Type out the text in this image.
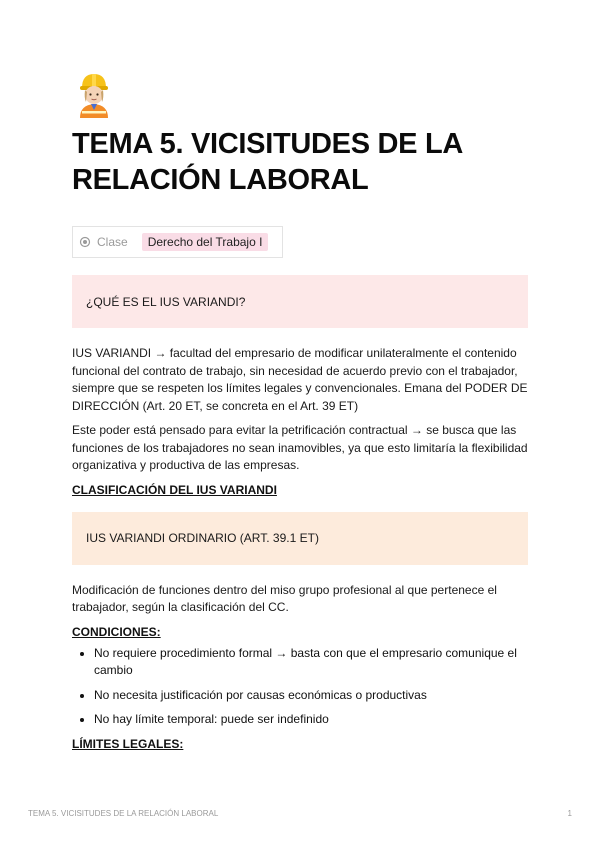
TEMA 5. VICISITUDES DE LA RELACIÓN LABORAL
Clase	Derecho del Trabajo I
¿QUÉ ES EL IUS VARIANDI?

IUS VARIANDI → facultad del empresario de modificar unilateralmente el contenido funcional del contrato de trabajo, sin necesidad de acuerdo previo con el trabajador, siempre que se respeten los límites legales y convencionales. Emana del PODER DE DIRECCIÓN (Art. 20 ET, se concreta en el Art. 39 ET)

Este poder está pensado para evitar la petrificación contractual → se busca que las funciones de los trabajadores no sean inamovibles, ya que esto limitaría la flexibilidad organizativa y productiva de las empresas.

CLASIFICACIÓN DEL IUS VARIANDI
IUS VARIANDI ORDINARIO (ART. 39.1 ET)

Modificación de funciones dentro del miso grupo profesional al que pertenece el trabajador, según la clasificación del CC.

CONDICIONES:
• No requiere procedimiento formal → basta con que el empresario comunique el cambio
• No necesita justificación por causas económicas o productivas
• No hay límite temporal: puede ser indefinido
LÍMITES LEGALES:
TEMA 5. VICISITUDES DE LA RELACIÓN LABORAL	1
